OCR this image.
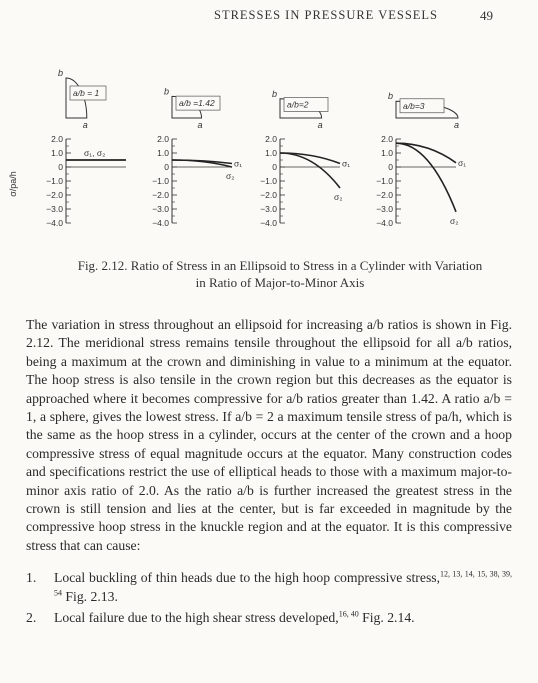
STRESSES IN PRESSURE VESSELS	49
σ/pa/h
b
a
a/b = 1
2.0
1.0
0
−1.0
−2.0
−3.0
−4.0
σ₁, σ₂
b
a
a/b =1.42
2.0
1.0
0
−1.0
−2.0
−3.0
−4.0
σ₁
σ₂
b
a
a/b=2
2.0
1.0
0
−1.0
−2.0
−3.0
−4.0
σ₁
σ₂
b
a
a/b=3
2.0
1.0
0
−1.0
−2.0
−3.0
−4.0
σ₁
σ₂
Fig. 2.12. Ratio of Stress in an Ellipsoid to Stress in a Cylinder with Variation
in Ratio of Major-to-Minor Axis

The variation in stress throughout an ellipsoid for increasing a/b ratios is shown in Fig. 2.12. The meridional stress remains tensile throughout the ellipsoid for all a/b ratios, being a maximum at the crown and diminishing in value to a minimum at the equator. The hoop stress is also tensile in the crown region but this decreases as the equator is approached where it becomes compressive for a/b ratios greater than 1.42. A ratio a/b = 1, a sphere, gives the lowest stress. If a/b = 2 a maximum tensile stress of pa/h, which is the same as the hoop stress in a cylinder, occurs at the center of the crown and a hoop compressive stress of equal magnitude occurs at the equator. Many construction codes and specifications restrict the use of elliptical heads to those with a maximum major-to-minor axis ratio of 2.0. As the ratio a/b is further increased the greatest stress in the crown is still tension and lies at the center, but is far exceeded in magnitude by the compressive hoop stress in the knuckle region and at the equator. It is this compressive stress that can cause:

1. Local buckling of thin heads due to the high hoop compressive stress,$^{12, 13, 14, 15, 38, 39, 54}$ Fig. 2.13.
2. Local failure due to the high shear stress developed,$^{16, 40}$ Fig. 2.14.
